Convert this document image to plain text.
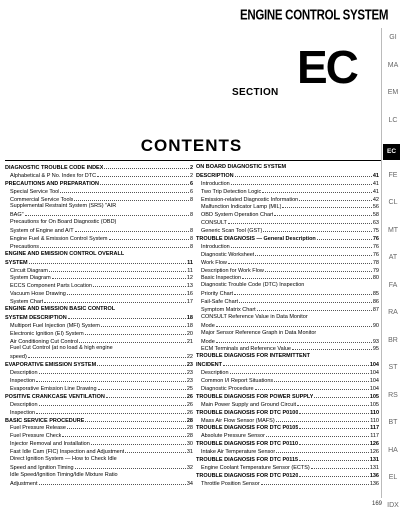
ENGINE CONTROL SYSTEM
SECTION EC
GI
MA
EM
LC
EC
FE
CL
MT
AT
FA
RA
BR
ST
RS
BT
HA
EL
IDX
CONTENTS
DIAGNOSTIC TROUBLE CODE INDEX	2
Alphabetical & P No. Index for DTC	2
PRECAUTIONS AND PREPARATION	6
Special Service Tool	6
Commercial Service Tools	8
Supplemental Restraint System (SRS) "AIR
BAG"	8
Precautions for On Board Diagnostic (OBD)
System of Engine and A/T	8
Engine Fuel & Emission Control System	8
Precautions	8
ENGINE AND EMISSION CONTROL OVERALL
SYSTEM	11
Circuit Diagram	11
System Diagram	12
ECCS Component Parts Location	13
Vacuum Hose Drawing	16
System Chart	17
ENGINE AND EMISSION BASIC CONTROL
SYSTEM DESCRIPTION	18
Multiport Fuel Injection (MFI) System	18
Electronic Ignition (EI) System	20
Air Conditioning Cut Control	21
Fuel Cut Control (at no load & high engine
speed)	22
EVAPORATIVE EMISSION SYSTEM	23
Description	23
Inspection	23
Evaporative Emission Line Drawing	25
POSITIVE CRANKCASE VENTILATION	26
Description	26
Inspection	26
BASIC SERVICE PROCEDURE	28
Fuel Pressure Release	28
Fuel Pressure Check	28
Injector Removal and Installation	30
Fast Idle Cam (FIC) Inspection and Adjustment	31
Direct Ignition System — How to Check Idle
Speed and Ignition Timing	32
Idle Speed/Ignition Timing/Idle Mixture Ratio
Adjustment	34
ON BOARD DIAGNOSTIC SYSTEM
DESCRIPTION	41
Introduction	41
Two Trip Detection Logic	41
Emission-related Diagnostic Information	42
Malfunction Indicator Lamp (MIL)	56
OBD System Operation Chart	58
CONSULT	63
Generic Scan Tool (GST)	75
TROUBLE DIAGNOSIS — General Description	76
Introduction	76
Diagnostic Worksheet	76
Work Flow	78
Description for Work Flow	79
Basic Inspection	80
Diagnostic Trouble Code (DTC) Inspection
Priority Chart	85
Fail-Safe Chart	86
Symptom Matrix Chart	87
CONSULT Reference Value in Data Monitor
Mode	90
Major Sensor Reference Graph in Data Monitor
Mode	93
ECM Terminals and Reference Value	95
TROUBLE DIAGNOSIS FOR INTERMITTENT
INCIDENT	104
Description	104
Common I/I Report Situations	104
Diagnostic Procedure	104
TROUBLE DIAGNOSIS FOR POWER SUPPLY	105
Main Power Supply and Ground Circuit	105
TROUBLE DIAGNOSIS FOR DTC P0100	110
Mass Air Flow Sensor (MAFS)	110
TROUBLE DIAGNOSIS FOR DTC P0105	117
Absolute Pressure Sensor	117
TROUBLE DIAGNOSIS FOR DTC P0110	126
Intake Air Temperature Sensor	126
TROUBLE DIAGNOSIS FOR DTC P0115	131
Engine Coolant Temperature Sensor (ECTS)	131
TROUBLE DIAGNOSIS FOR DTC P0120	136
Throttle Position Sensor	136
169
